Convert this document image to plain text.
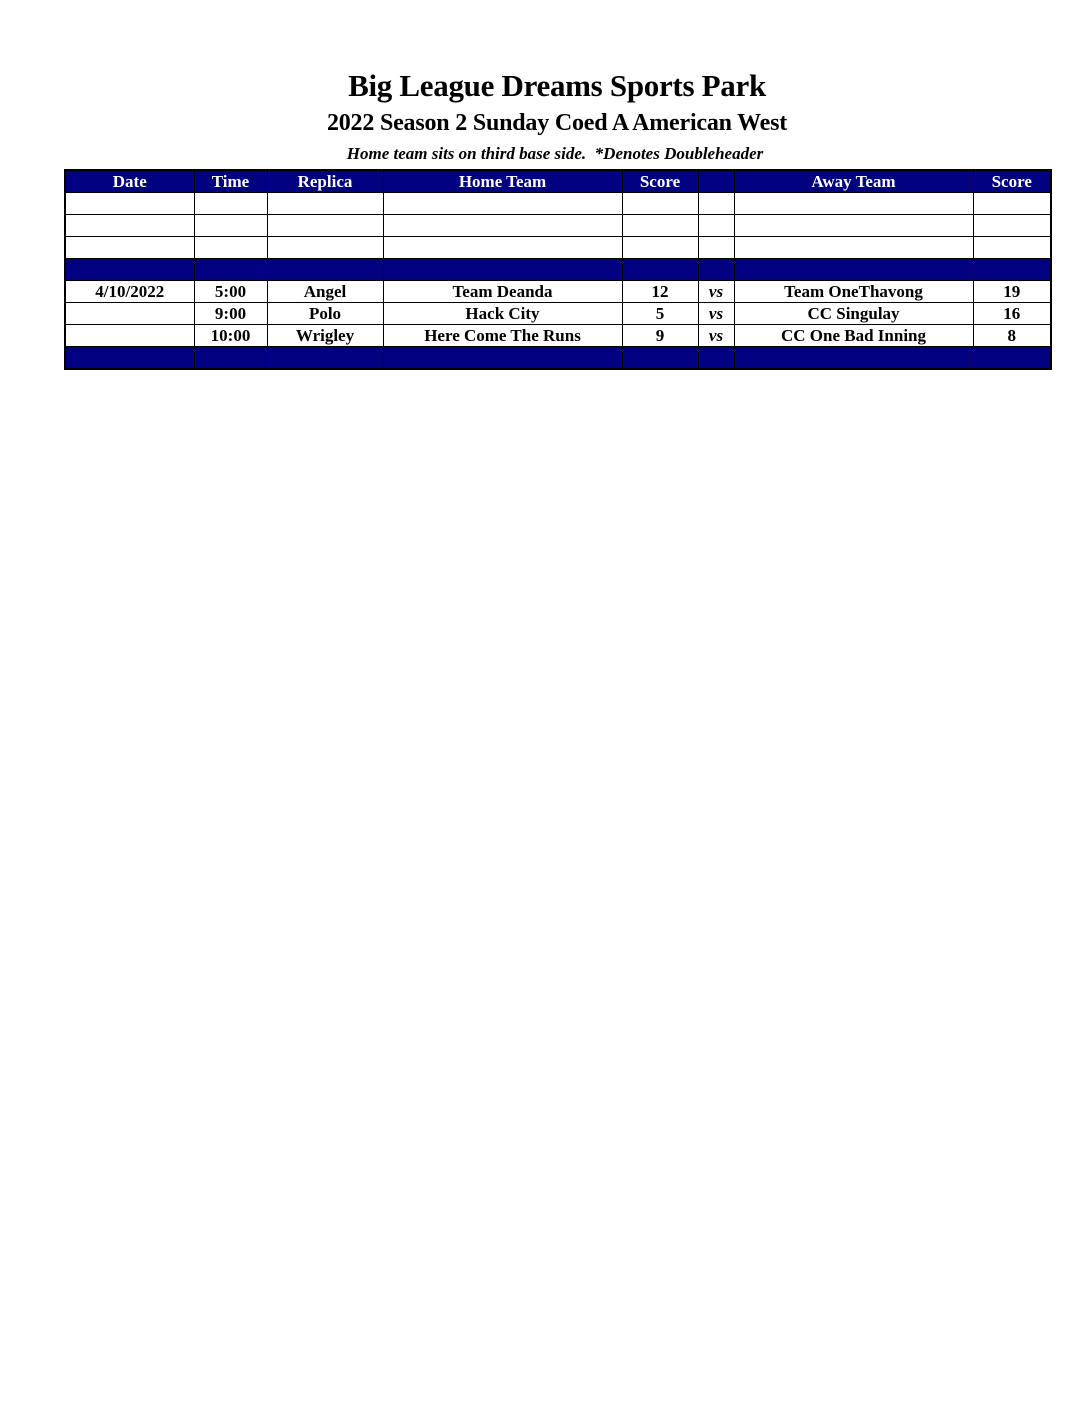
Big League Dreams Sports Park
2022 Season 2 Sunday Coed A American West
Home team sits on third base side.  *Denotes Doubleheader
Date	Time	Replica	Home Team	Score		Away Team	Score

4/10/2022	5:00	Angel	Team Deanda	12	vs	Team OneThavong	19
	9:00	Polo	Hack City	5	vs	CC Singulay	16
	10:00	Wrigley	Here Come The Runs	9	vs	CC One Bad Inning	8
